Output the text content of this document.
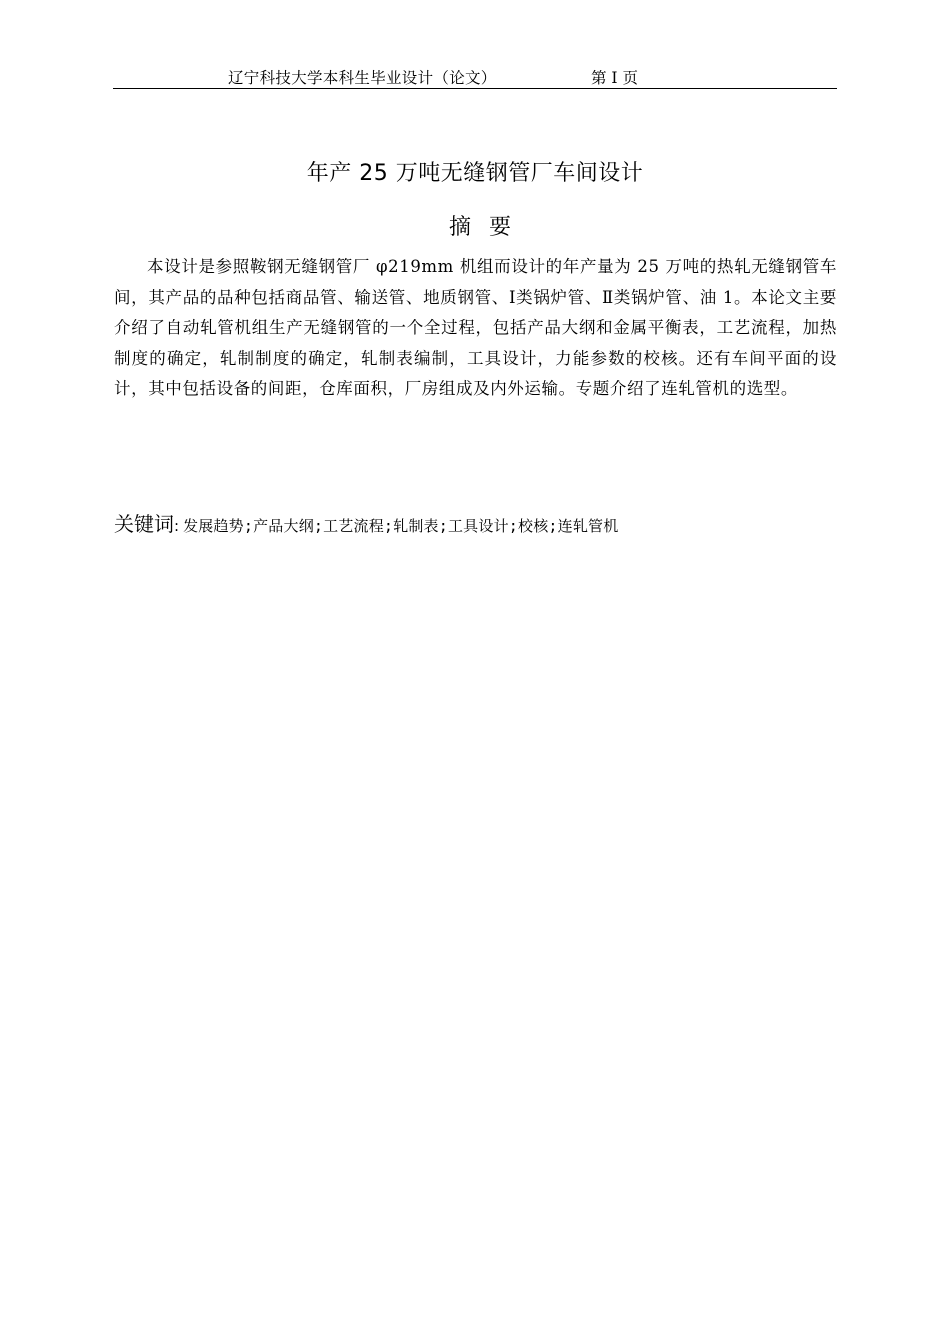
辽宁科技大学本科生毕业设计（论文）	第 I 页
年产 25 万吨无缝钢管厂车间设计
摘要

本设计是参照鞍钢无缝钢管厂 φ219mm 机组而设计的年产量为 25 万吨的热轧无缝钢管车间，其产品的品种包括商品管、输送管、地质钢管、Ⅰ类锅炉管、Ⅱ类锅炉管、油 1。本论文主要介绍了自动轧管机组生产无缝钢管的一个全过程，包括产品大纲和金属平衡表，工艺流程，加热制度的确定，轧制制度的确定，轧制表编制，工具设计，力能参数的校核。还有车间平面的设计，其中包括设备的间距，仓库面积，厂房组成及内外运输。专题介绍了连轧管机的选型。

关键词: 发展趋势;产品大纲;工艺流程;轧制表;工具设计;校核;连轧管机
